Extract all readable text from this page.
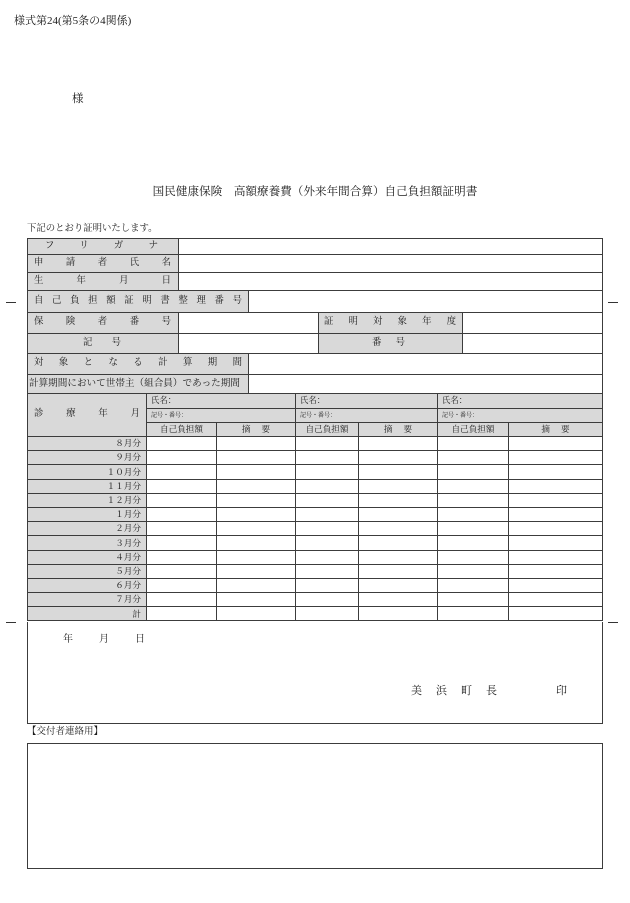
様式第24(第5条の4関係)
様
国民健康保険　高額療養費（外来年間合算）自己負担額証明書
下記のとおり証明いたします。
フリガナ
申請者氏名
生年月日
自己負担額証明書整理番号
保険者番号	証明対象年度
記号	番号
対象となる計算期間
計算期間において世帯主（組合員）であった期間
診療年月
氏名：	氏名：	氏名：
記号・番号：	記号・番号：	記号・番号：
自己負担額	摘要	自己負担額	摘要	自己負担額	摘要
８月分
９月分
１０月分
１１月分
１２月分
１月分
２月分
３月分
４月分
５月分
６月分
７月分
計
年　　月　　日
美浜町長	印
【交付者連絡用】
